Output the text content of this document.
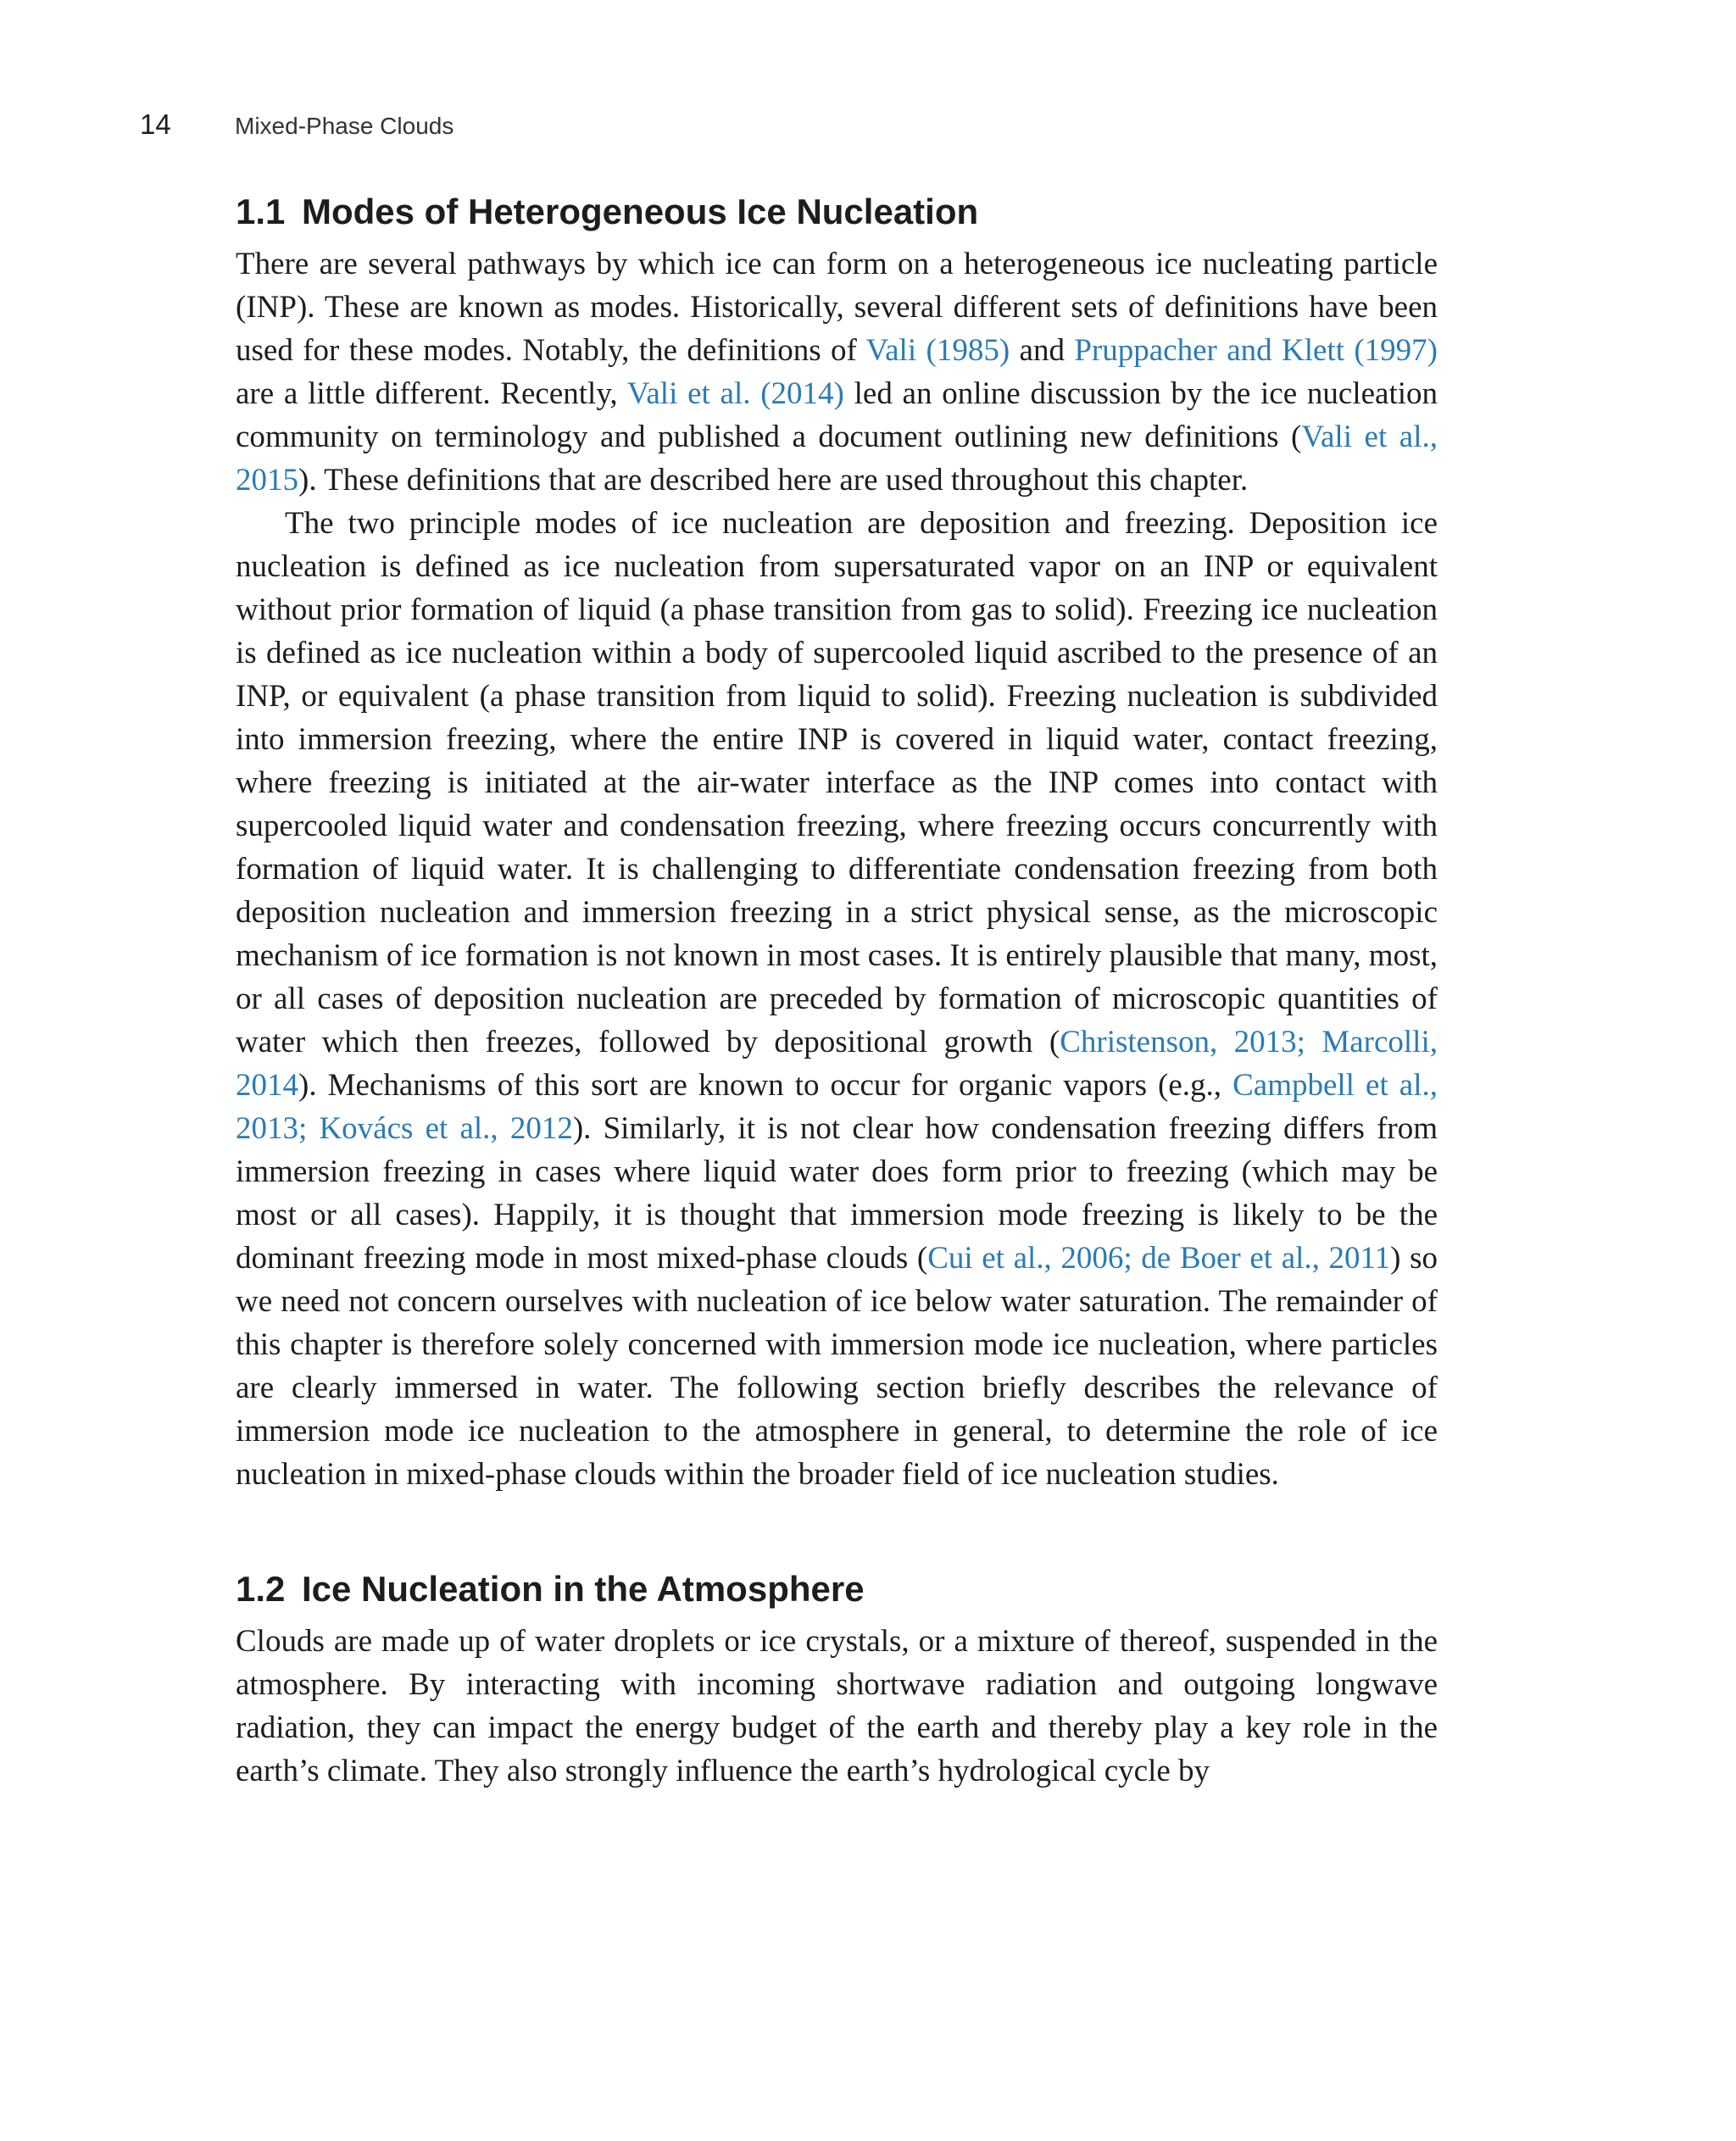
14	Mixed-Phase Clouds
1.1 Modes of Heterogeneous Ice Nucleation

There are several pathways by which ice can form on a heterogeneous ice nucleating particle (INP). These are known as modes. Historically, several different sets of definitions have been used for these modes. Notably, the definitions of Vali (1985) and Pruppacher and Klett (1997) are a little different. Recently, Vali et al. (2014) led an online discussion by the ice nucleation community on terminology and published a document outlining new definitions (Vali et al., 2015). These definitions that are described here are used throughout this chapter.

The two principle modes of ice nucleation are deposition and freezing. Deposition ice nucleation is defined as ice nucleation from supersaturated vapor on an INP or equivalent without prior formation of liquid (a phase transition from gas to solid). Freezing ice nucleation is defined as ice nucleation within a body of supercooled liquid ascribed to the presence of an INP, or equivalent (a phase transition from liquid to solid). Freezing nucleation is subdivided into immersion freezing, where the entire INP is covered in liquid water, contact freezing, where freezing is initiated at the air-water interface as the INP comes into contact with supercooled liquid water and condensation freezing, where freezing occurs concurrently with formation of liquid water. It is challenging to differentiate condensation freezing from both deposition nucleation and immersion freezing in a strict physical sense, as the microscopic mechanism of ice formation is not known in most cases. It is entirely plausible that many, most, or all cases of deposition nucleation are preceded by formation of microscopic quantities of water which then freezes, followed by depositional growth (Christenson, 2013; Marcolli, 2014). Mechanisms of this sort are known to occur for organic vapors (e.g., Campbell et al., 2013; Kovács et al., 2012). Similarly, it is not clear how condensation freezing differs from immersion freezing in cases where liquid water does form prior to freezing (which may be most or all cases). Happily, it is thought that immersion mode freezing is likely to be the dominant freezing mode in most mixed-phase clouds (Cui et al., 2006; de Boer et al., 2011) so we need not concern ourselves with nucleation of ice below water saturation. The remainder of this chapter is therefore solely concerned with immersion mode ice nucleation, where particles are clearly immersed in water. The following section briefly describes the relevance of immersion mode ice nucleation to the atmosphere in general, to determine the role of ice nucleation in mixed-phase clouds within the broader field of ice nucleation studies.

1.2 Ice Nucleation in the Atmosphere

Clouds are made up of water droplets or ice crystals, or a mixture of thereof, suspended in the atmosphere. By interacting with incoming shortwave radiation and outgoing longwave radiation, they can impact the energy budget of the earth and thereby play a key role in the earth’s climate. They also strongly influence the earth’s hydrological cycle by
